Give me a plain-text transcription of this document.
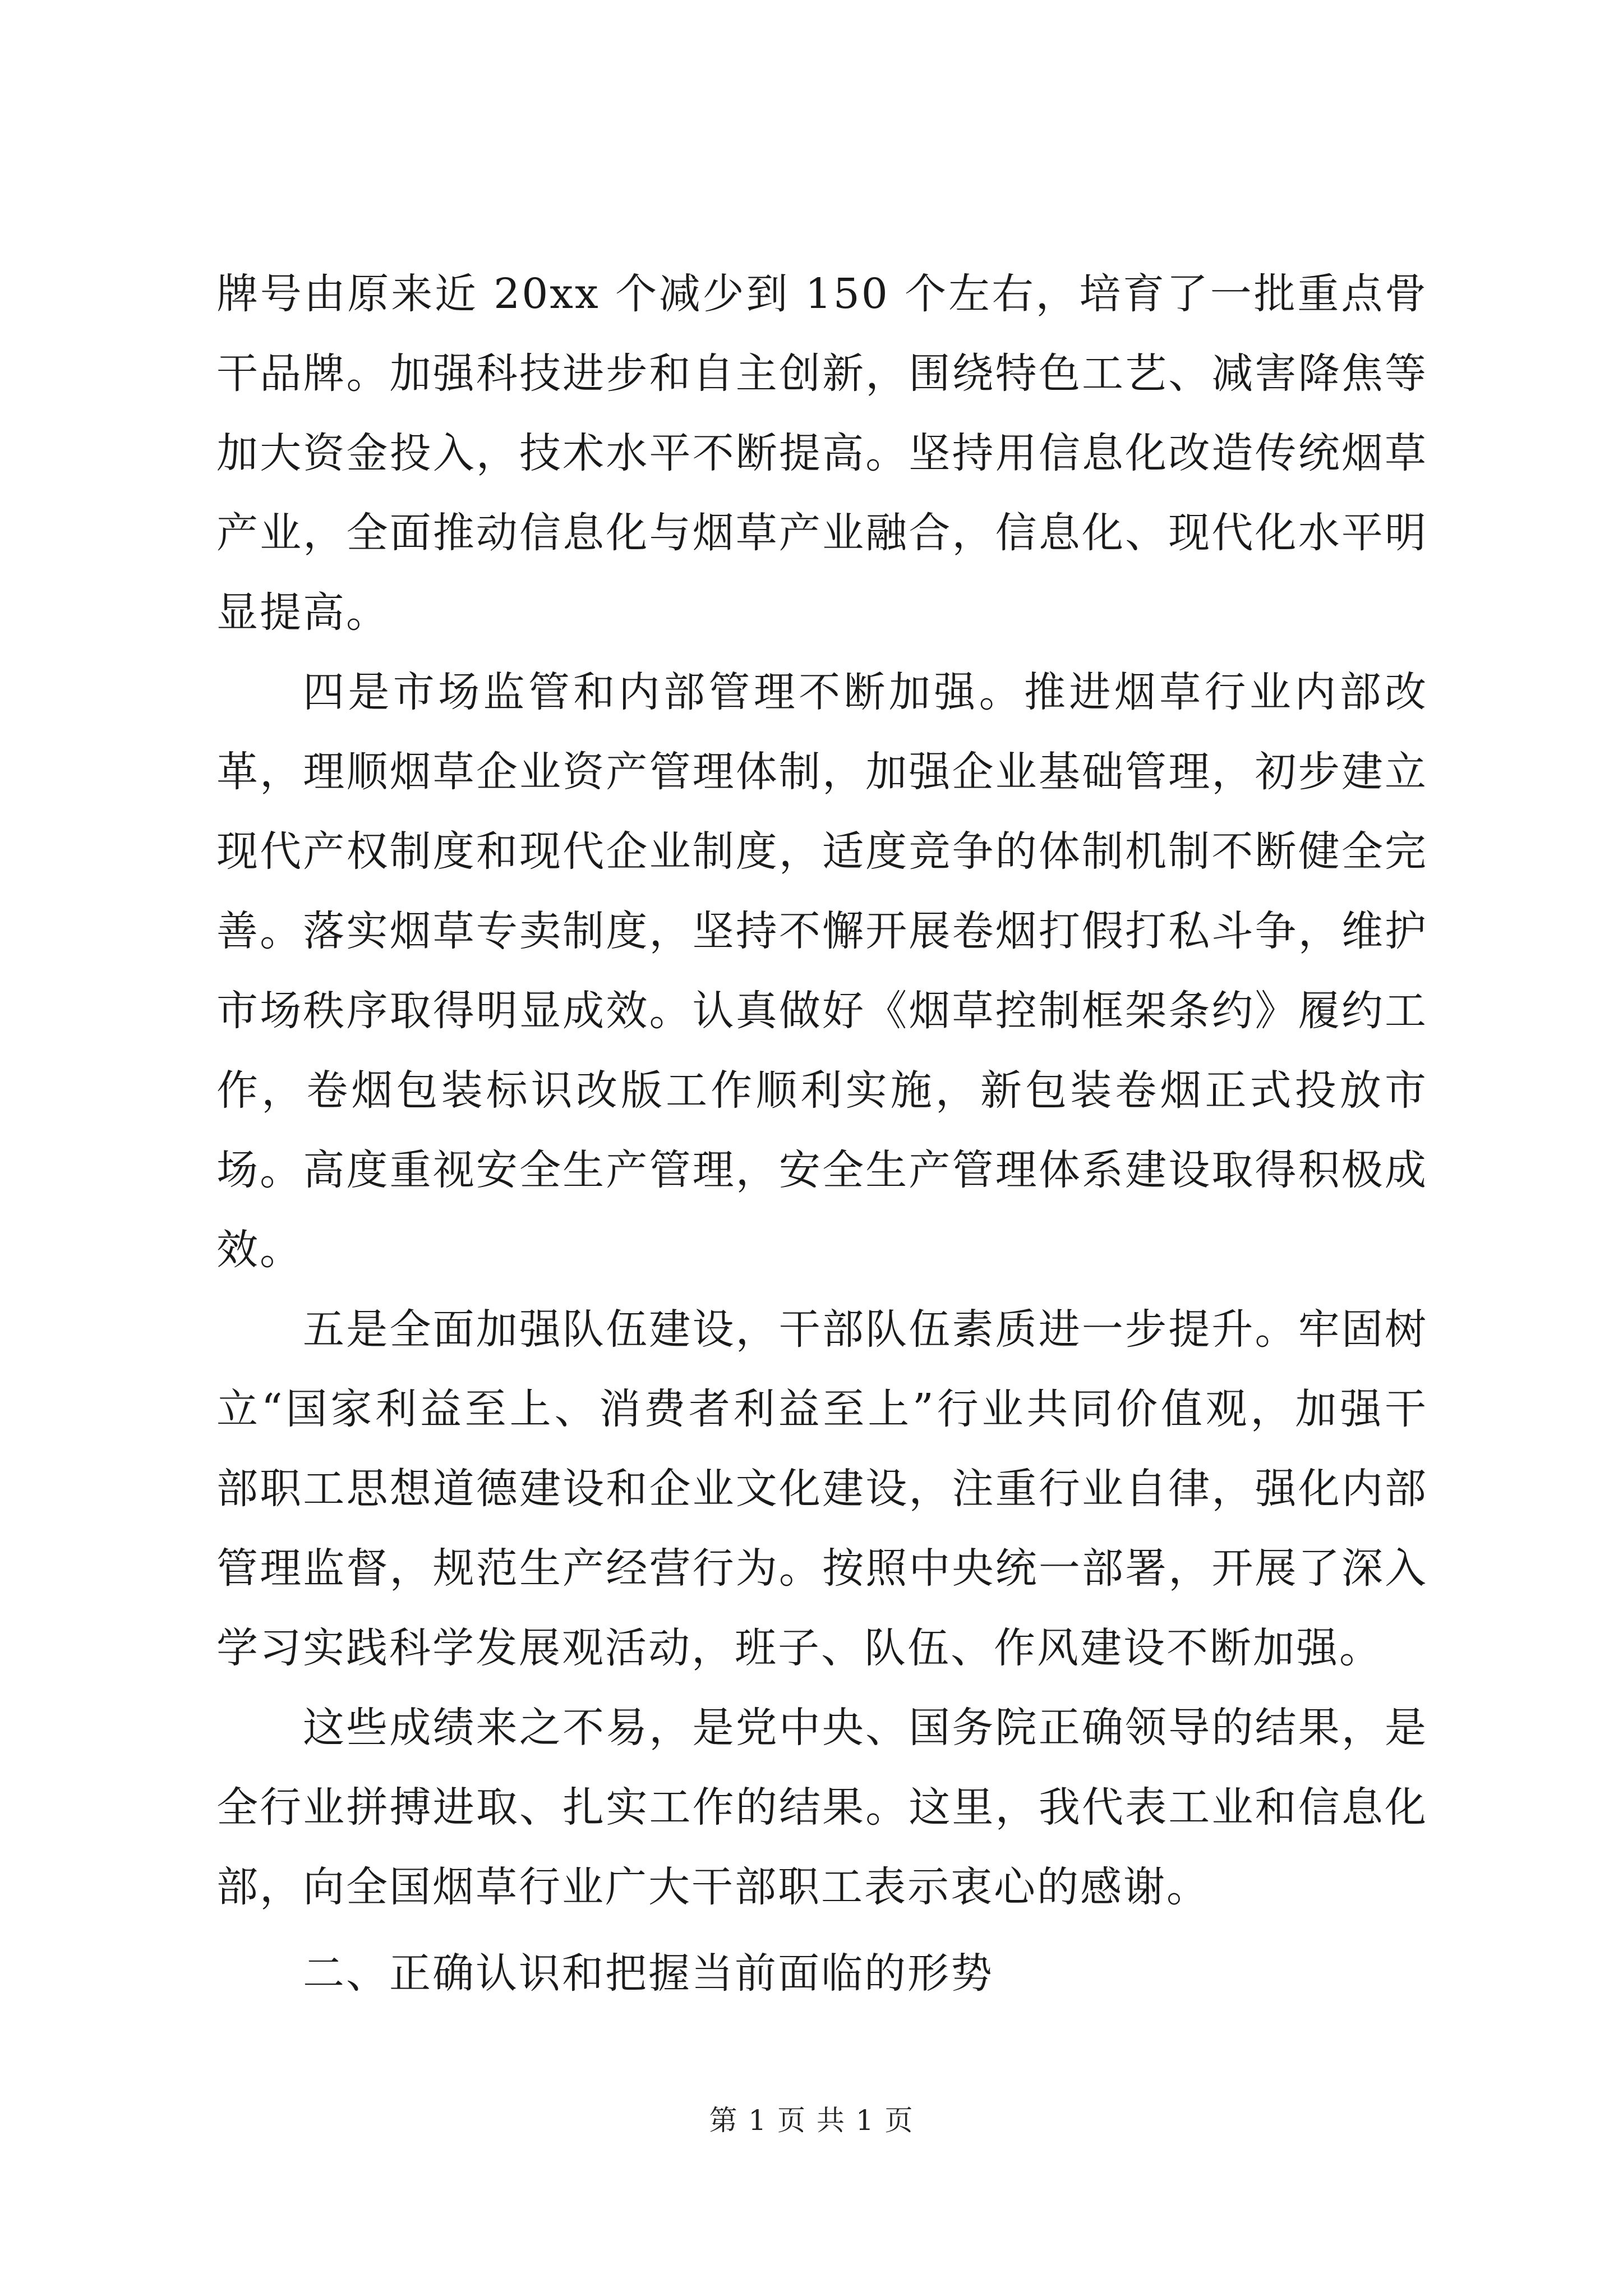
牌号由原来近 20xx 个减少到 150 个左右，培育了一批重点骨干品牌。加强科技进步和自主创新，围绕特色工艺、减害降焦等加大资金投入，技术水平不断提高。坚持用信息化改造传统烟草产业，全面推动信息化与烟草产业融合，信息化、现代化水平明显提高。

四是市场监管和内部管理不断加强。推进烟草行业内部改革，理顺烟草企业资产管理体制，加强企业基础管理，初步建立现代产权制度和现代企业制度，适度竞争的体制机制不断健全完善。落实烟草专卖制度，坚持不懈开展卷烟打假打私斗争，维护市场秩序取得明显成效。认真做好《烟草控制框架条约》履约工作，卷烟包装标识改版工作顺利实施，新包装卷烟正式投放市场。高度重视安全生产管理，安全生产管理体系建设取得积极成效。

五是全面加强队伍建设，干部队伍素质进一步提升。牢固树立“国家利益至上、消费者利益至上”行业共同价值观，加强干部职工思想道德建设和企业文化建设，注重行业自律，强化内部管理监督，规范生产经营行为。按照中央统一部署，开展了深入学习实践科学发展观活动，班子、队伍、作风建设不断加强。

这些成绩来之不易，是党中央、国务院正确领导的结果，是全行业拼搏进取、扎实工作的结果。这里，我代表工业和信息化部，向全国烟草行业广大干部职工表示衷心的感谢。

二、正确认识和把握当前面临的形势

第 1 页 共 1 页
